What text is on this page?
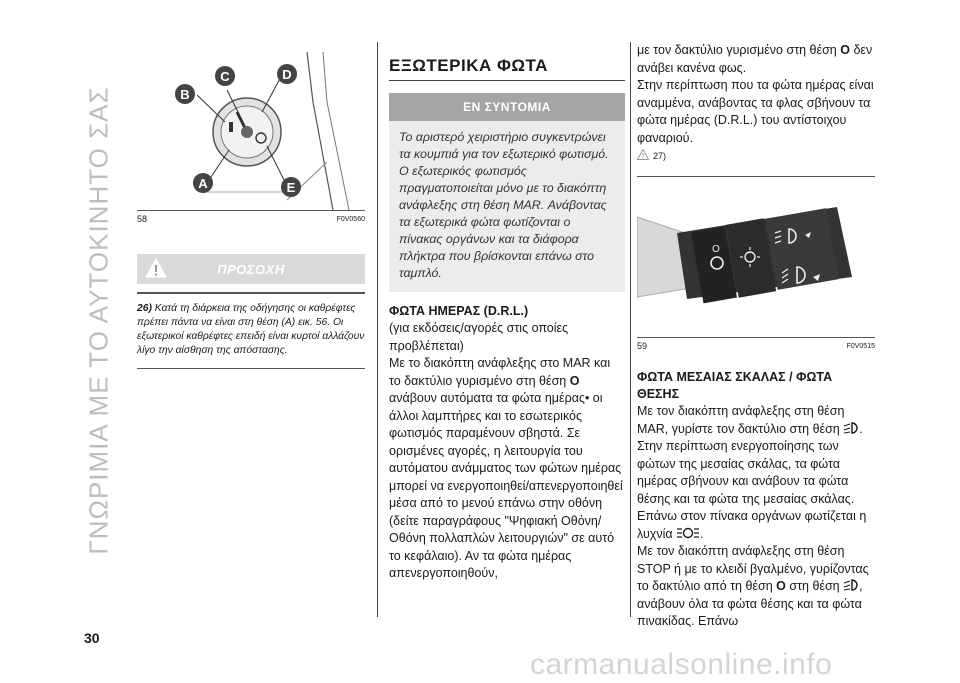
ΓΝΩΡΙΜΙΑ ΜΕ ΤΟ ΑΥΤΟΚΙΝΗΤΟ ΣΑΣ
C	D
B
A	E
58	F0V0560
ΠΡΟΣΟΧΗ
26) Κατά τη διάρκεια της οδήγησης οι καθρέφτες πρέπει πάντα να είναι στη θέση (A) εικ. 56. Οι εξωτερικοί καθρέφτες επειδή είναι κυρτοί αλλάζουν λίγο την αίσθηση της απόστασης.
ΕΞΩΤΕΡΙΚΑ ΦΩΤΑ
ΕΝ ΣΥΝΤΟΜΙΑ

Το αριστερό χειριστήριο συγκεντρώνει τα κουμπιά για τον εξωτερικό φωτισμό.

Ο εξωτερικός φωτισμός πραγματοποιείται μόνο με το διακόπτη ανάφλεξης στη θέση MAR. Ανάβοντας τα εξωτερικά φώτα φωτίζονται ο πίνακας οργάνων και τα διάφορα πλήκτρα που βρίσκονται επάνω στο ταμπλό.

ΦΩΤΑ ΗΜΕΡΑΣ (D.R.L.)

(για εκδόσεις/αγορές στις οποίες προβλέπεται)

Με το διακόπτη ανάφλεξης στο MAR και το δακτύλιο γυρισμένο στη θέση O ανάβουν αυτόματα τα φώτα ημέρας• οι άλλοι λαμπτήρες και το εσωτερικός φωτισμός παραμένουν σβηστά. Σε ορισμένες αγορές, η λειτουργία του αυτόματου ανάμματος των φώτων ημέρας μπορεί να ενεργοποιηθεί/απενεργοποιηθεί μέσα από το μενού επάνω στην οθόνη (δείτε παραγράφους "Ψηφιακή Οθόνη/Οθόνη πολλαπλών λειτουργιών" σε αυτό το κεφάλαιο). Αν τα φώτα ημέρας απενεργοποιηθούν,

με τον δακτύλιο γυρισμένο στη θέση O δεν ανάβει κανένα φως.

Στην περίπτωση που τα φώτα ημέρας είναι αναμμένα, ανάβοντας τα φλας σβήνουν τα φώτα ημέρας (D.R.L.) του αντίστοιχου φαναριού.

27)
O
59	F0V0515
ΦΩΤΑ ΜΕΣΑΙΑΣ ΣΚΑΛΑΣ / ΦΩΤΑ ΘΕΣΗΣ

Με τον διακόπτη ανάφλεξης στη θέση MAR, γυρίστε τον δακτύλιο στη θέση . Στην περίπτωση ενεργοποίησης των φώτων της μεσαίας σκάλας, τα φώτα ημέρας σβήνουν και ανάβουν τα φώτα θέσης και τα φώτα της μεσαίας σκάλας. Επάνω στον πίνακα οργάνων φωτίζεται η λυχνία .

Με τον διακόπτη ανάφλεξης στη θέση STOP ή με το κλειδί βγαλμένο, γυρίζοντας το δακτύλιο από τη θέση O στη θέση , ανάβουν όλα τα φώτα θέσης και τα φώτα πινακίδας. Επάνω

30
carmanualsonline.info
